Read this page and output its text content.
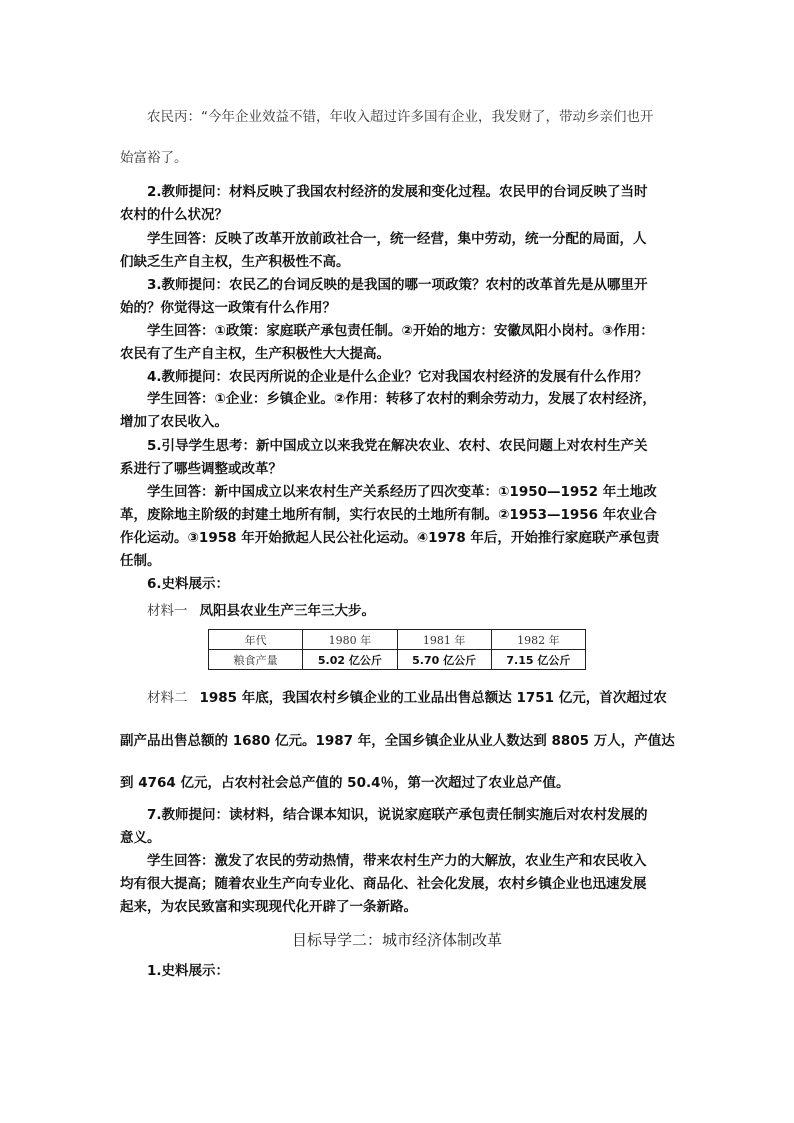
农民丙：“今年企业效益不错，年收入超过许多国有企业，我发财了，带动乡亲们也开
始富裕了。
2.教师提问：材料反映了我国农村经济的发展和变化过程。农民甲的台词反映了当时
农村的什么状况？
学生回答：反映了改革开放前政社合一，统一经营，集中劳动，统一分配的局面，人
们缺乏生产自主权，生产积极性不高。
3.教师提问：农民乙的台词反映的是我国的哪一项政策？农村的改革首先是从哪里开
始的？你觉得这一政策有什么作用？
学生回答：①政策：家庭联产承包责任制。②开始的地方：安徽凤阳小岗村。③作用：
农民有了生产自主权，生产积极性大大提高。
4.教师提问：农民丙所说的企业是什么企业？它对我国农村经济的发展有什么作用？
学生回答：①企业：乡镇企业。②作用：转移了农村的剩余劳动力，发展了农村经济，
增加了农民收入。
5.引导学生思考：新中国成立以来我党在解决农业、农村、农民问题上对农村生产关
系进行了哪些调整或改革？
学生回答：新中国成立以来农村生产关系经历了四次变革：①1950—1952 年土地改
革，废除地主阶级的封建土地所有制，实行农民的土地所有制。②1953—1956 年农业合
作化运动。③1958 年开始掀起人民公社化运动。④1978 年后，开始推行家庭联产承包责
任制。
6.史料展示：
材料一 凤阳县农业生产三年三大步。
年代	1980 年	1981 年	1982 年
粮食产量	5.02 亿公斤	5.70 亿公斤	7.15 亿公斤
材料二 1985 年底，我国农村乡镇企业的工业品出售总额达 1751 亿元，首次超过农
副产品出售总额的 1680 亿元。1987 年，全国乡镇企业从业人数达到 8805 万人，产值达
到 4764 亿元，占农村社会总产值的 50.4％，第一次超过了农业总产值。
7.教师提问：读材料，结合课本知识，说说家庭联产承包责任制实施后对农村发展的
意义。
学生回答：激发了农民的劳动热情，带来农村生产力的大解放，农业生产和农民收入
均有很大提高；随着农业生产向专业化、商品化、社会化发展，农村乡镇企业也迅速发展
起来，为农民致富和实现现代化开辟了一条新路。
目标导学二：城市经济体制改革
1.史料展示：
